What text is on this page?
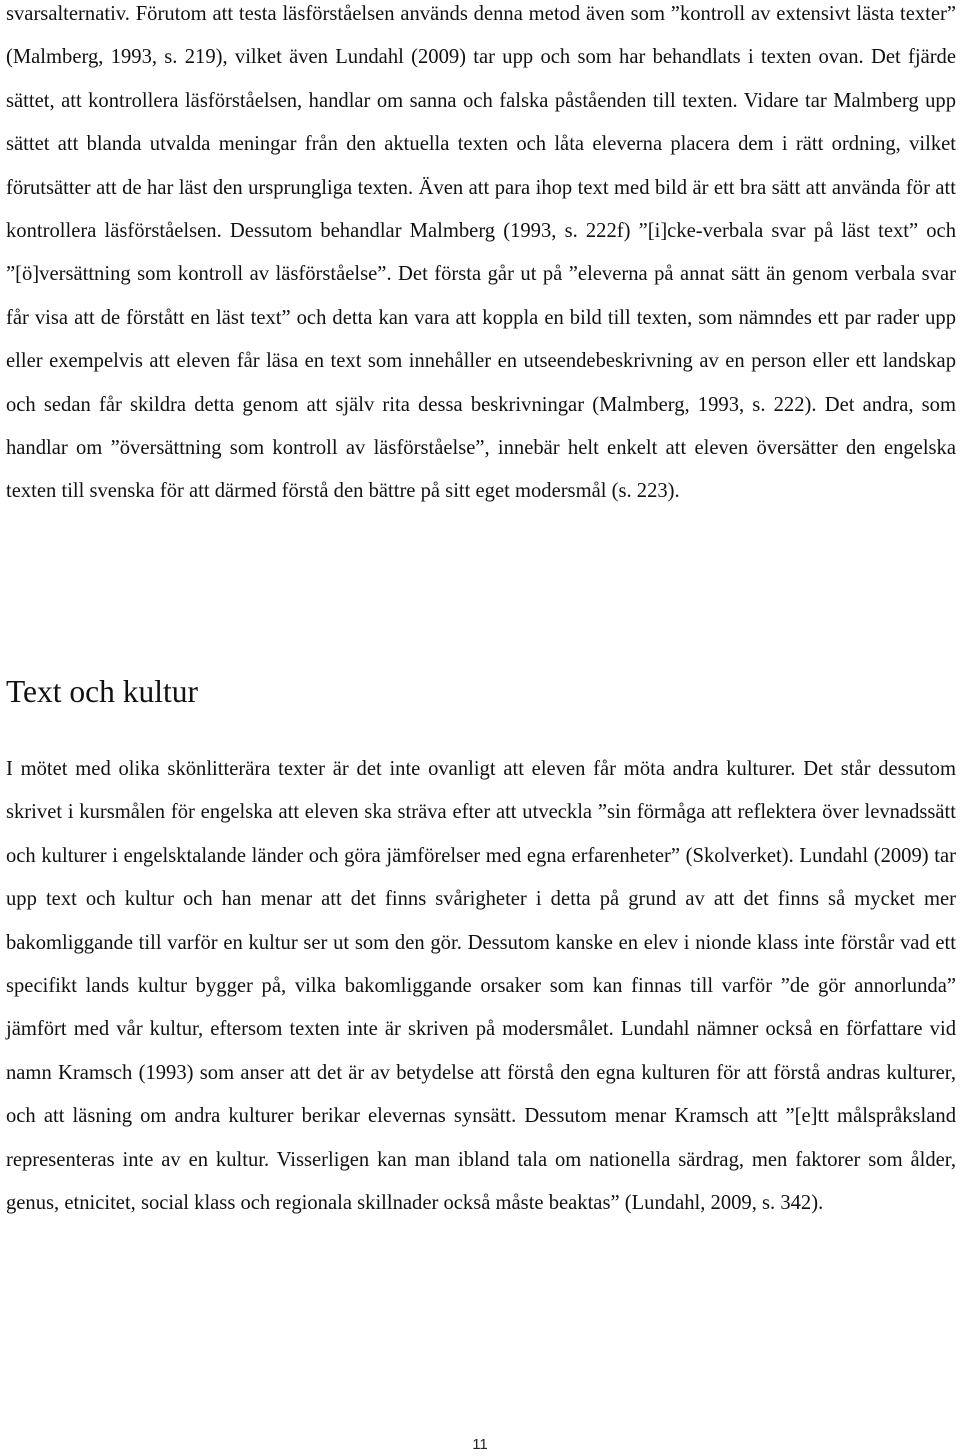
svarsalternativ. Förutom att testa läsförståelsen används denna metod även som ”kontroll av extensivt lästa texter” (Malmberg, 1993, s. 219), vilket även Lundahl (2009) tar upp och som har behandlats i texten ovan. Det fjärde sättet, att kontrollera läsförståelsen, handlar om sanna och falska påståenden till texten. Vidare tar Malmberg upp sättet att blanda utvalda meningar från den aktuella texten och låta eleverna placera dem i rätt ordning, vilket förutsätter att de har läst den ursprungliga texten. Även att para ihop text med bild är ett bra sätt att använda för att kontrollera läsförståelsen. Dessutom behandlar Malmberg (1993, s. 222f) ”[i]cke-verbala svar på läst text” och ”[ö]versättning som kontroll av läsförståelse”. Det första går ut på ”eleverna på annat sätt än genom verbala svar får visa att de förstått en läst text” och detta kan vara att koppla en bild till texten, som nämndes ett par rader upp eller exempelvis att eleven får läsa en text som innehåller en utseendebeskrivning av en person eller ett landskap och sedan får skildra detta genom att själv rita dessa beskrivningar (Malmberg, 1993, s. 222). Det andra, som handlar om ”översättning som kontroll av läsförståelse”, innebär helt enkelt att eleven översätter den engelska texten till svenska för att därmed förstå den bättre på sitt eget modersmål (s. 223).

Text och kultur

I mötet med olika skönlitterära texter är det inte ovanligt att eleven får möta andra kulturer. Det står dessutom skrivet i kursmålen för engelska att eleven ska sträva efter att utveckla ”sin förmåga att reflektera över levnadssätt och kulturer i engelsktalande länder och göra jämförelser med egna erfarenheter” (Skolverket). Lundahl (2009) tar upp text och kultur och han menar att det finns svårigheter i detta på grund av att det finns så mycket mer bakomliggande till varför en kultur ser ut som den gör. Dessutom kanske en elev i nionde klass inte förstår vad ett specifikt lands kultur bygger på, vilka bakomliggande orsaker som kan finnas till varför ”de gör annorlunda” jämfört med vår kultur, eftersom texten inte är skriven på modersmålet. Lundahl nämner också en författare vid namn Kramsch (1993) som anser att det är av betydelse att förstå den egna kulturen för att förstå andras kulturer, och att läsning om andra kulturer berikar elevernas synsätt. Dessutom menar Kramsch att ”[e]tt målspråksland representeras inte av en kultur. Visserligen kan man ibland tala om nationella särdrag, men faktorer som ålder, genus, etnicitet, social klass och regionala skillnader också måste beaktas” (Lundahl, 2009, s. 342).

11
